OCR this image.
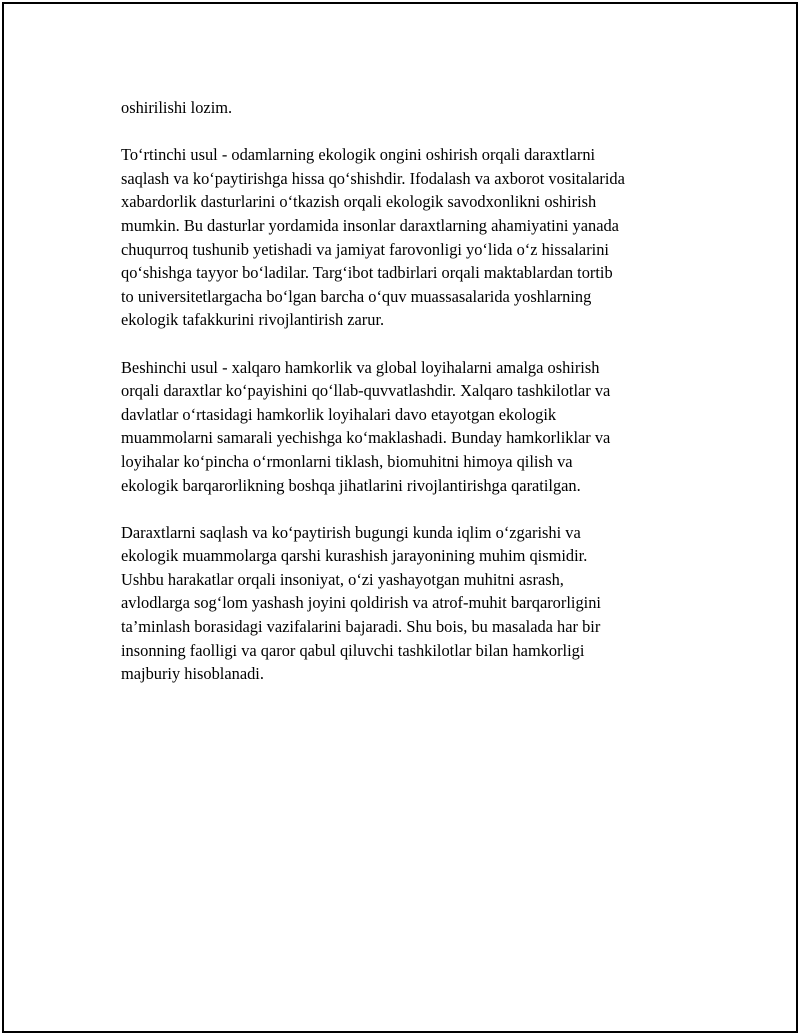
oshirilishi lozim.

To‘rtinchi usul - odamlarning ekologik ongini oshirish orqali daraxtlarni
saqlash va ko‘paytirishga hissa qo‘shishdir. Ifodalash va axborot vositalarida
xabardorlik dasturlarini o‘tkazish orqali ekologik savodxonlikni oshirish
mumkin. Bu dasturlar yordamida insonlar daraxtlarning ahamiyatini yanada
chuqurroq tushunib yetishadi va jamiyat farovonligi yo‘lida o‘z hissalarini
qo‘shishga tayyor bo‘ladilar. Targ‘ibot tadbirlari orqali maktablardan tortib
to universitetlargacha bo‘lgan barcha o‘quv muassasalarida yoshlarning
ekologik tafakkurini rivojlantirish zarur.

Beshinchi usul - xalqaro hamkorlik va global loyihalarni amalga oshirish
orqali daraxtlar ko‘payishini qo‘llab-quvvatlashdir. Xalqaro tashkilotlar va
davlatlar o‘rtasidagi hamkorlik loyihalari davo etayotgan ekologik
muammolarni samarali yechishga ko‘maklashadi. Bunday hamkorliklar va
loyihalar ko‘pincha o‘rmonlarni tiklash, biomuhitni himoya qilish va
ekologik barqarorlikning boshqa jihatlarini rivojlantirishga qaratilgan.

Daraxtlarni saqlash va ko‘paytirish bugungi kunda iqlim o‘zgarishi va
ekologik muammolarga qarshi kurashish jarayonining muhim qismidir.
Ushbu harakatlar orqali insoniyat, o‘zi yashayotgan muhitni asrash,
avlodlarga sog‘lom yashash joyini qoldirish va atrof-muhit barqarorligini
ta’minlash borasidagi vazifalarini bajaradi. Shu bois, bu masalada har bir
insonning faolligi va qaror qabul qiluvchi tashkilotlar bilan hamkorligi
majburiy hisoblanadi.
